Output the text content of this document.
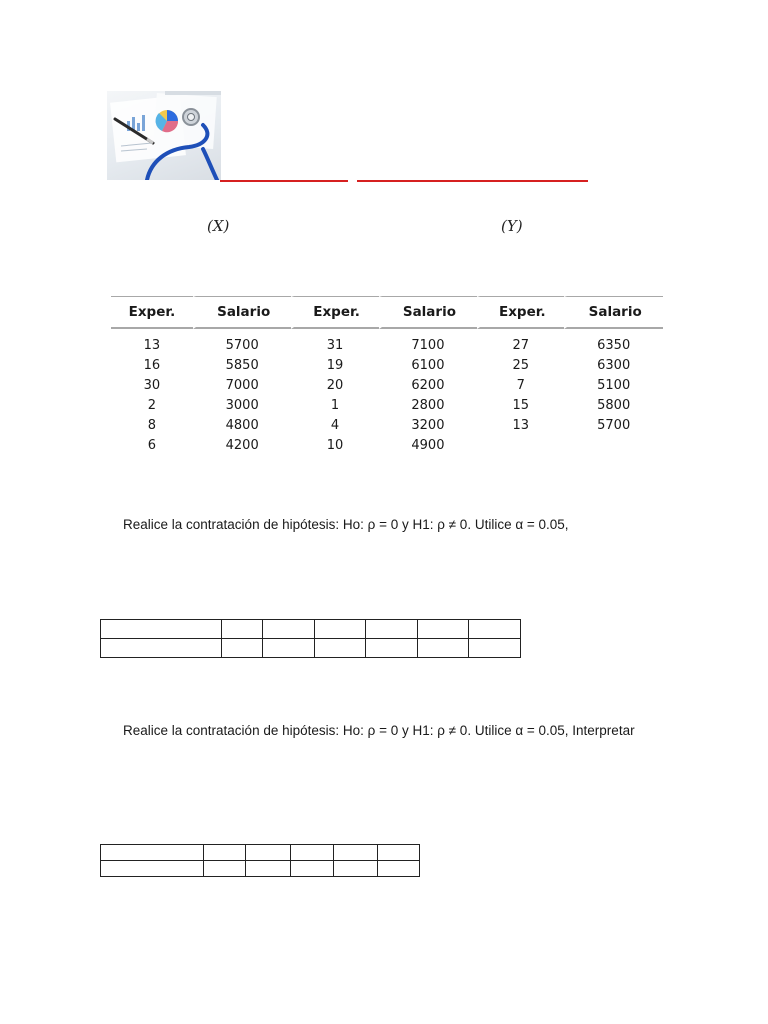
(X)	(Y)
Exper.	Salario	Exper.	Salario	Exper.	Salario
13	5700	31	7100	27	6350
16	5850	19	6100	25	6300
30	7000	20	6200	7	5100
2	3000	1	2800	15	5800
8	4800	4	3200	13	5700
6	4200	10	4900		
Realice la contratación de hipótesis: Ho: ρ = 0 y H1: ρ ≠ 0. Utilice α = 0.05,

Realice la contratación de hipótesis: Ho: ρ = 0 y H1: ρ ≠ 0. Utilice α = 0.05, Interpretar
